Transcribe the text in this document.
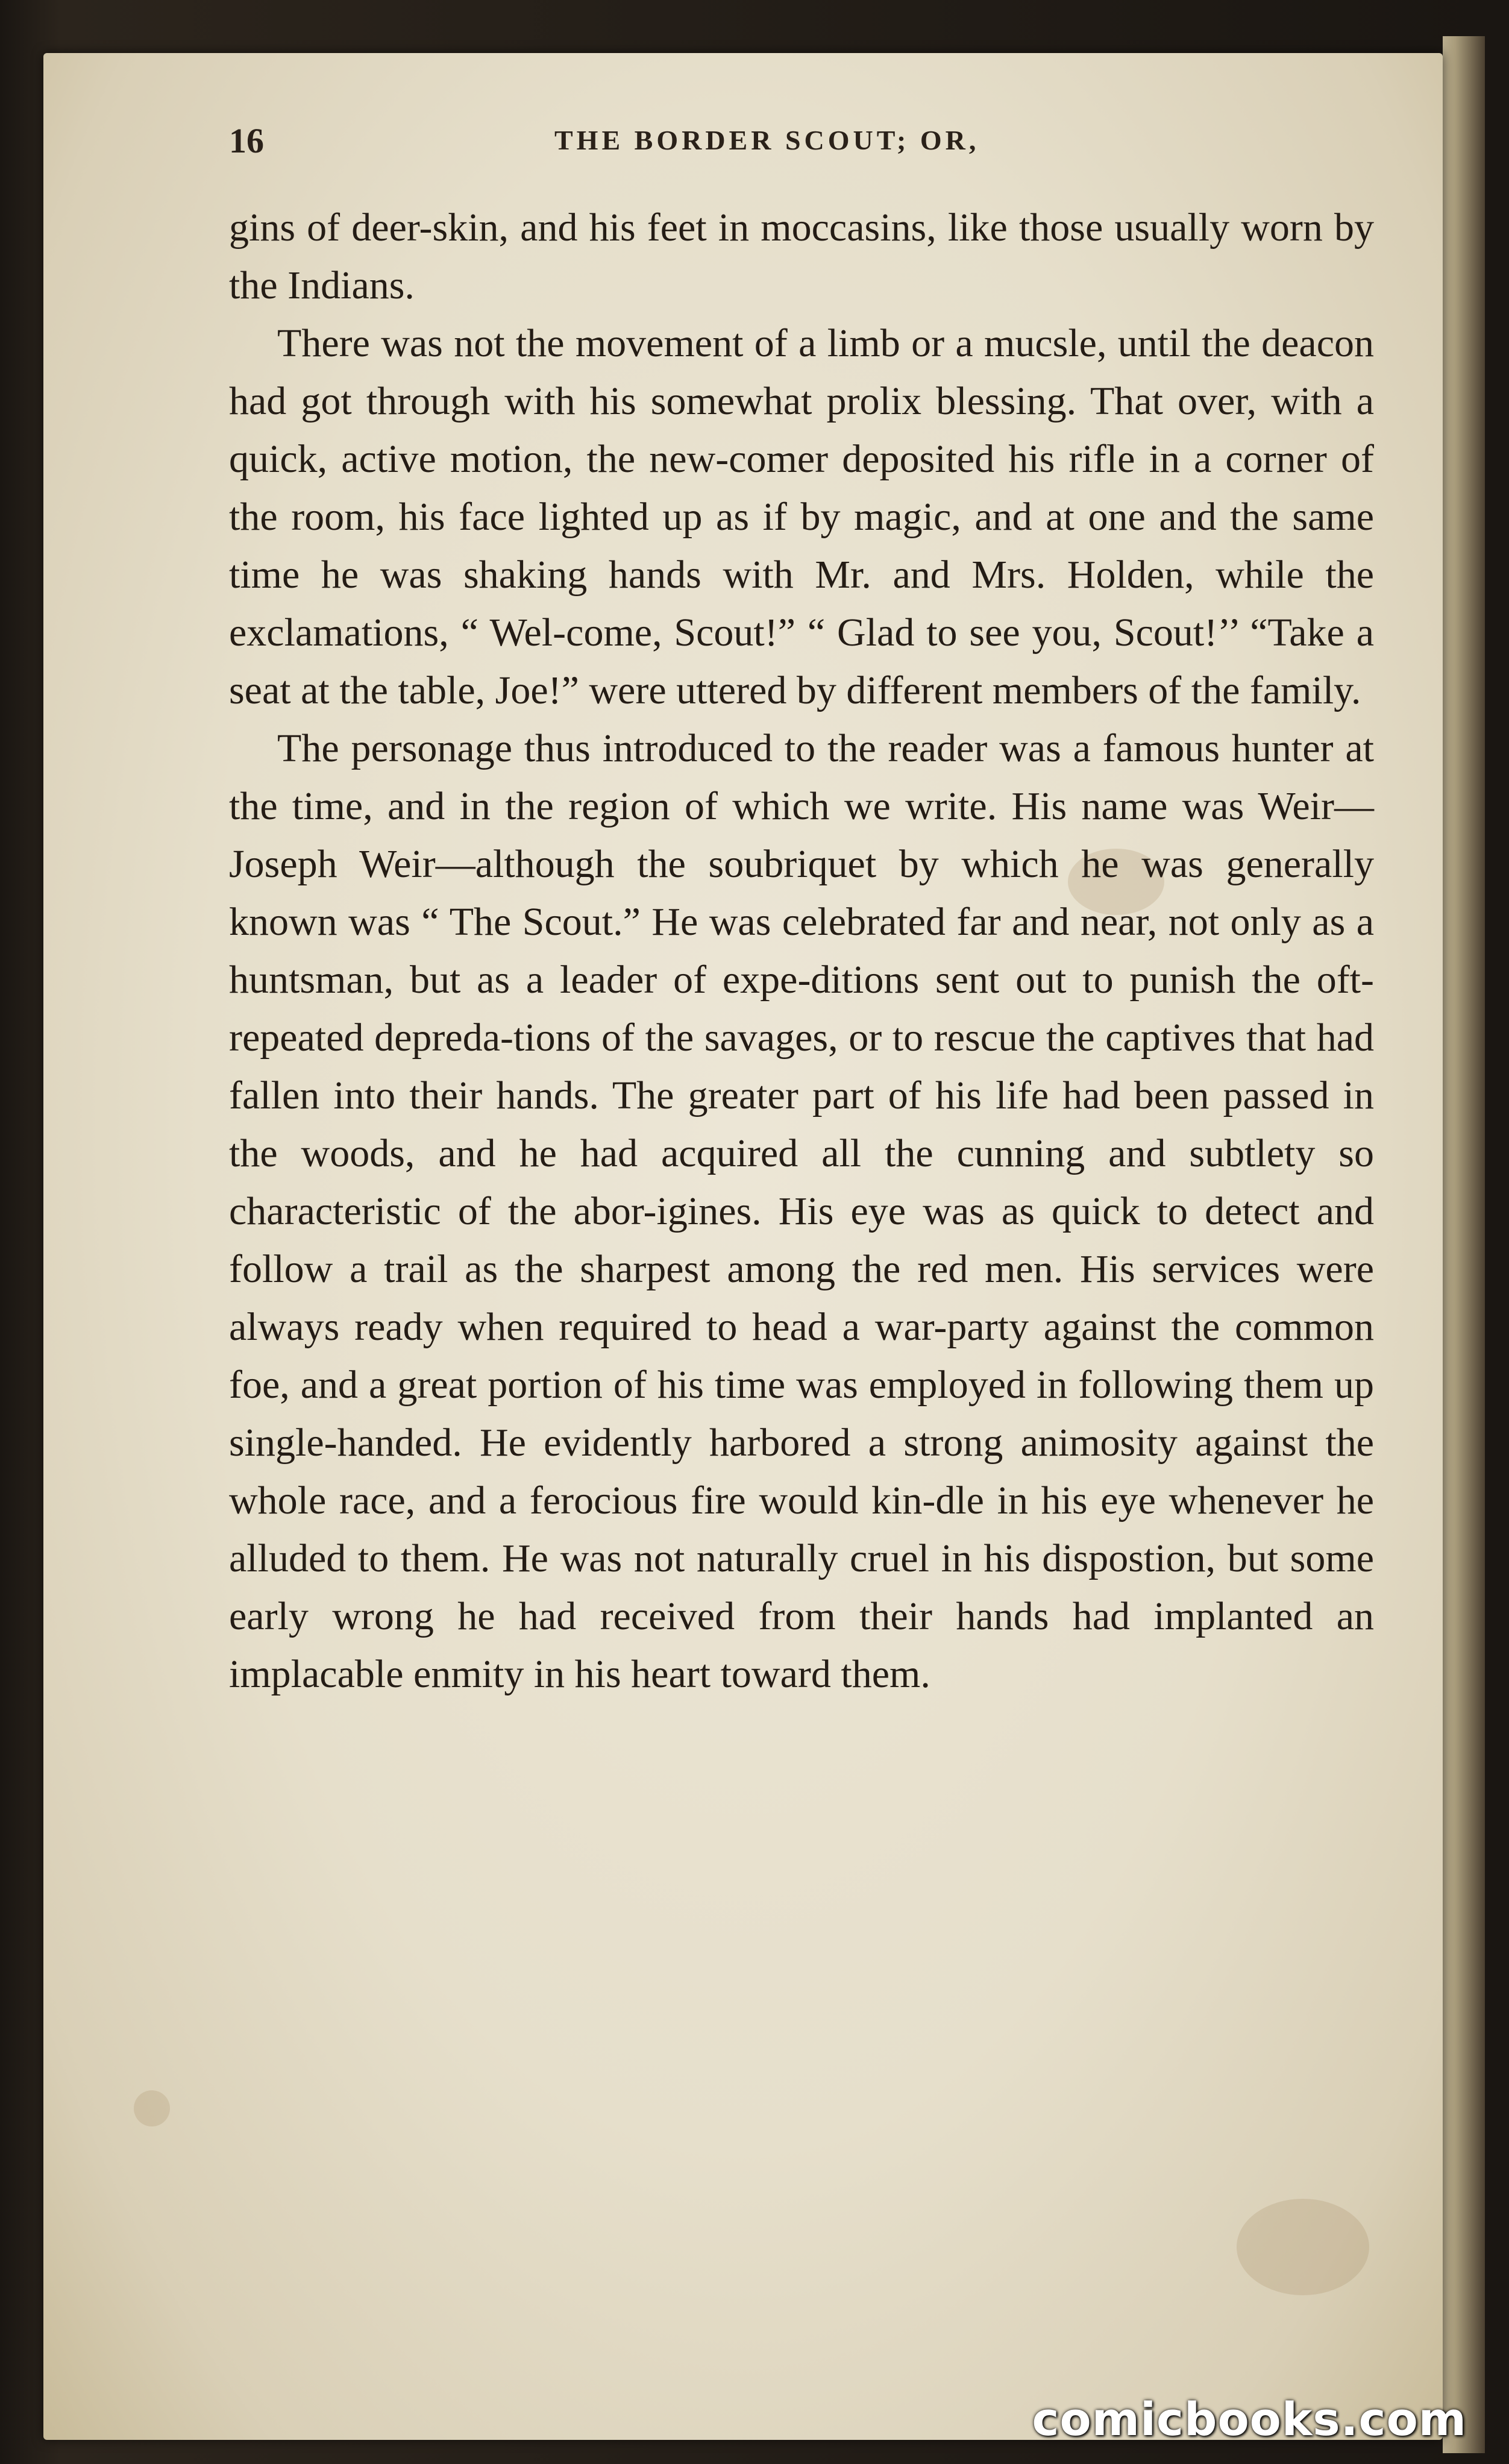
16	THE BORDER SCOUT; OR,

gins of deer-skin, and his feet in moccasins, like those usually worn by the Indians.

There was not the movement of a limb or a mucsle, until the deacon had got through with his somewhat prolix blessing. That over, with a quick, active motion, the new-comer deposited his rifle in a corner of the room, his face lighted up as if by magic, and at one and the same time he was shaking hands with Mr. and Mrs. Holden, while the exclamations, “ Wel-come, Scout!” “ Glad to see you, Scout!’’ “Take a seat at the table, Joe!” were uttered by different members of the family.

The personage thus introduced to the reader was a famous hunter at the time, and in the region of which we write. His name was Weir—Joseph Weir—although the soubriquet by which he was generally known was “ The Scout.” He was celebrated far and near, not only as a huntsman, but as a leader of expe-ditions sent out to punish the oft-repeated depreda-tions of the savages, or to rescue the captives that had fallen into their hands. The greater part of his life had been passed in the woods, and he had acquired all the cunning and subtlety so characteristic of the abor-igines. His eye was as quick to detect and follow a trail as the sharpest among the red men. His services were always ready when required to head a war-party against the common foe, and a great portion of his time was employed in following them up single-handed. He evidently harbored a strong animosity against the whole race, and a ferocious fire would kin-dle in his eye whenever he alluded to them. He was not naturally cruel in his dispostion, but some early wrong he had received from their hands had implanted an implacable enmity in his heart toward them.

comicbooks.com
